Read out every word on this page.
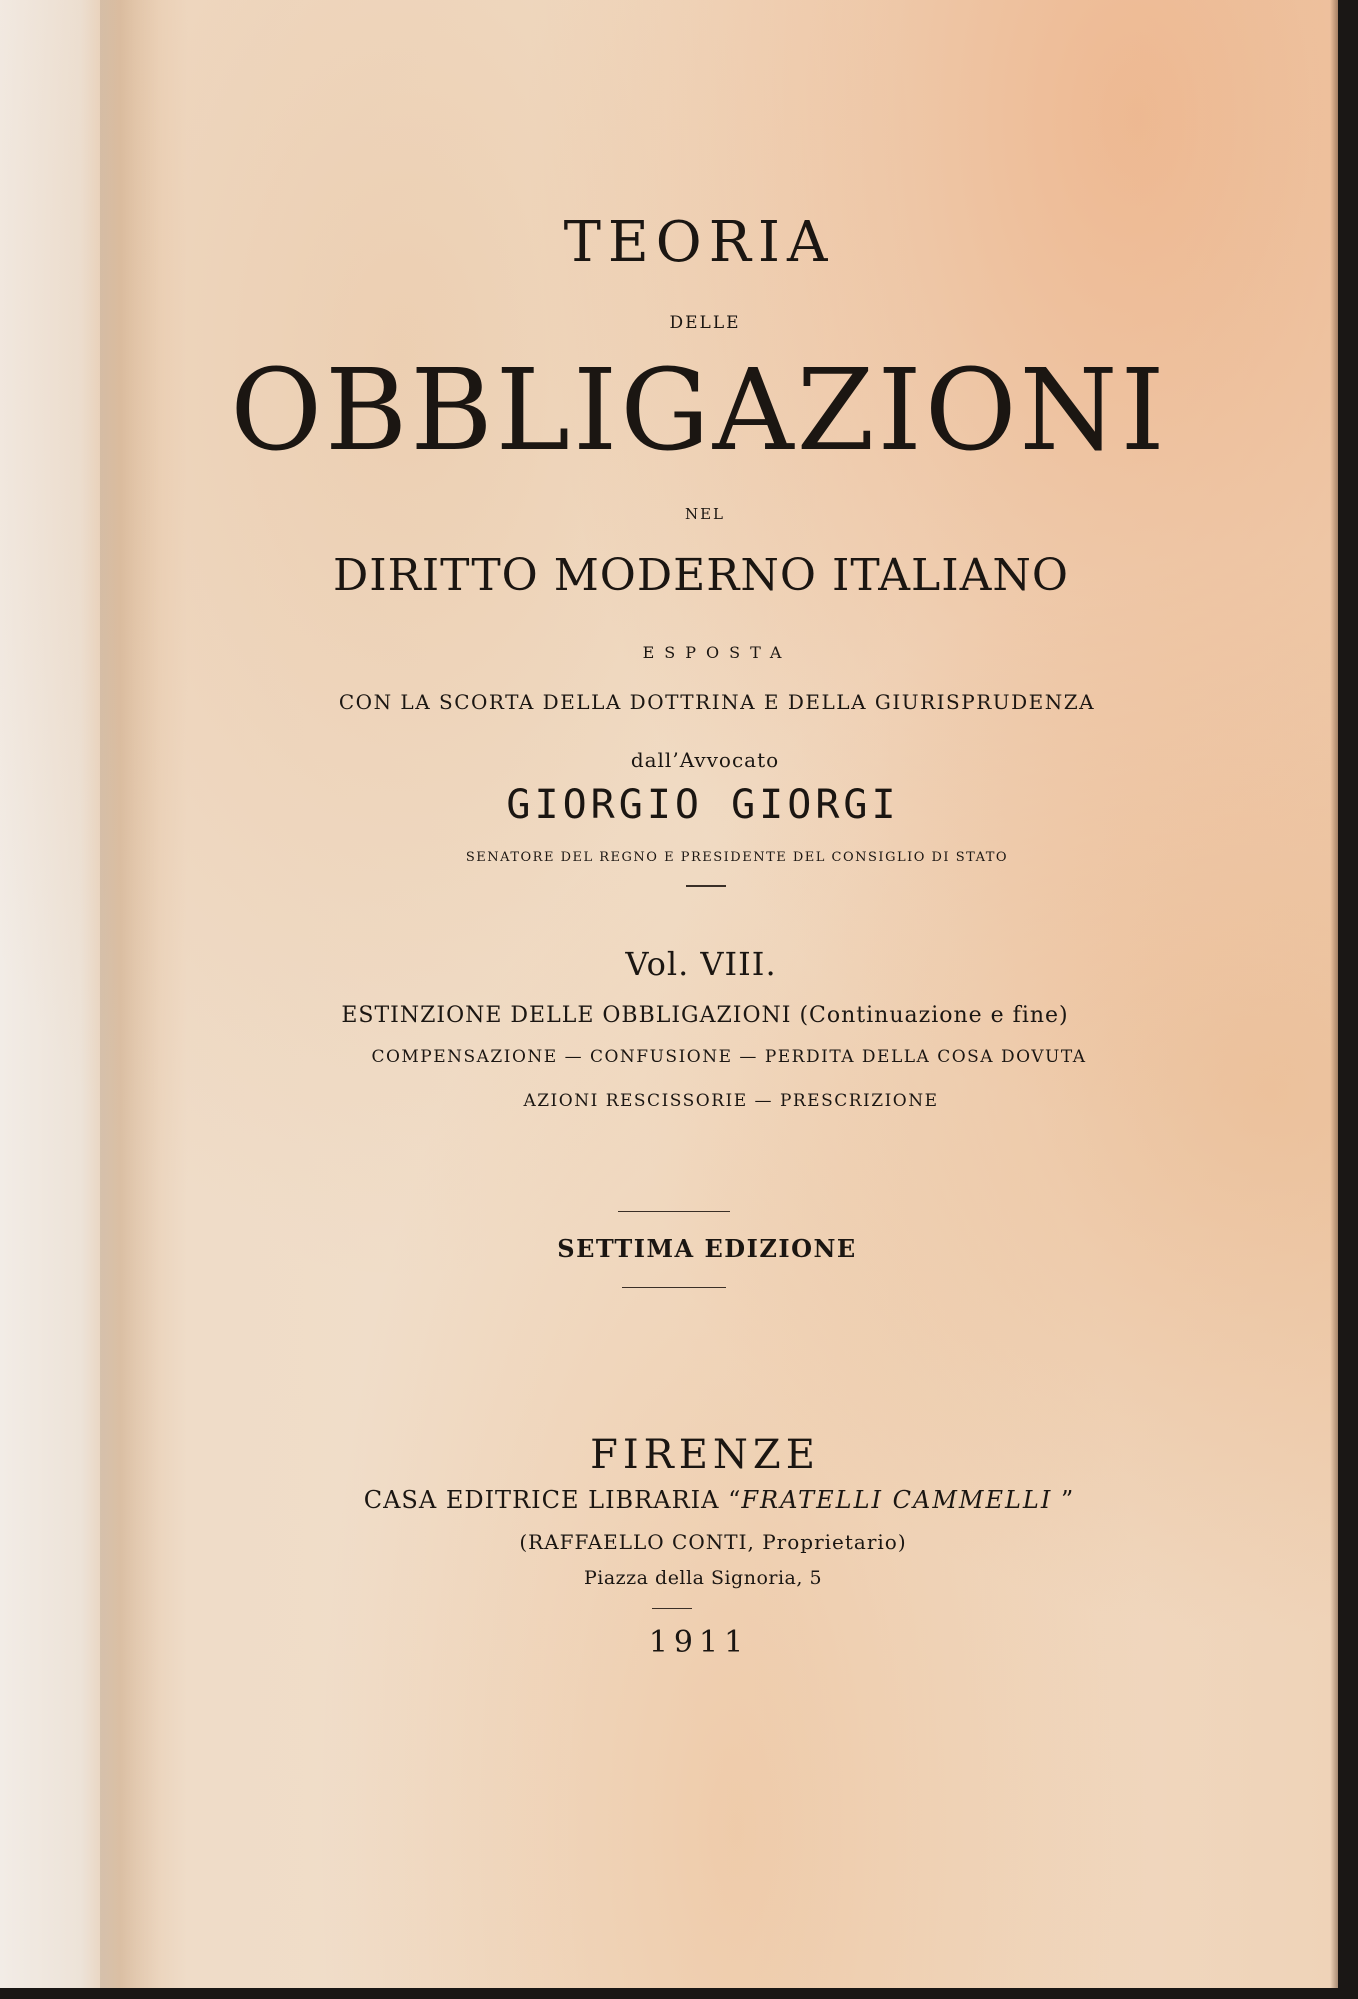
TEORIA
DELLE
OBBLIGAZIONI
NEL
DIRITTO MODERNO ITALIANO
ESPOSTA
CON LA SCORTA DELLA DOTTRINA E DELLA GIURISPRUDENZA
dall’Avvocato
GIORGIO GIORGI
SENATORE DEL REGNO E PRESIDENTE DEL CONSIGLIO DI STATO
Vol. VIII.
ESTINZIONE DELLE OBBLIGAZIONI (Continuazione e fine)
COMPENSAZIONE — CONFUSIONE — PERDITA DELLA COSA DOVUTA
AZIONI RESCISSORIE — PRESCRIZIONE
SETTIMA EDIZIONE
FIRENZE
CASA EDITRICE LIBRARIA “FRATELLI CAMMELLI ”
(RAFFAELLO CONTI, Proprietario)
Piazza della Signoria, 5
1911
